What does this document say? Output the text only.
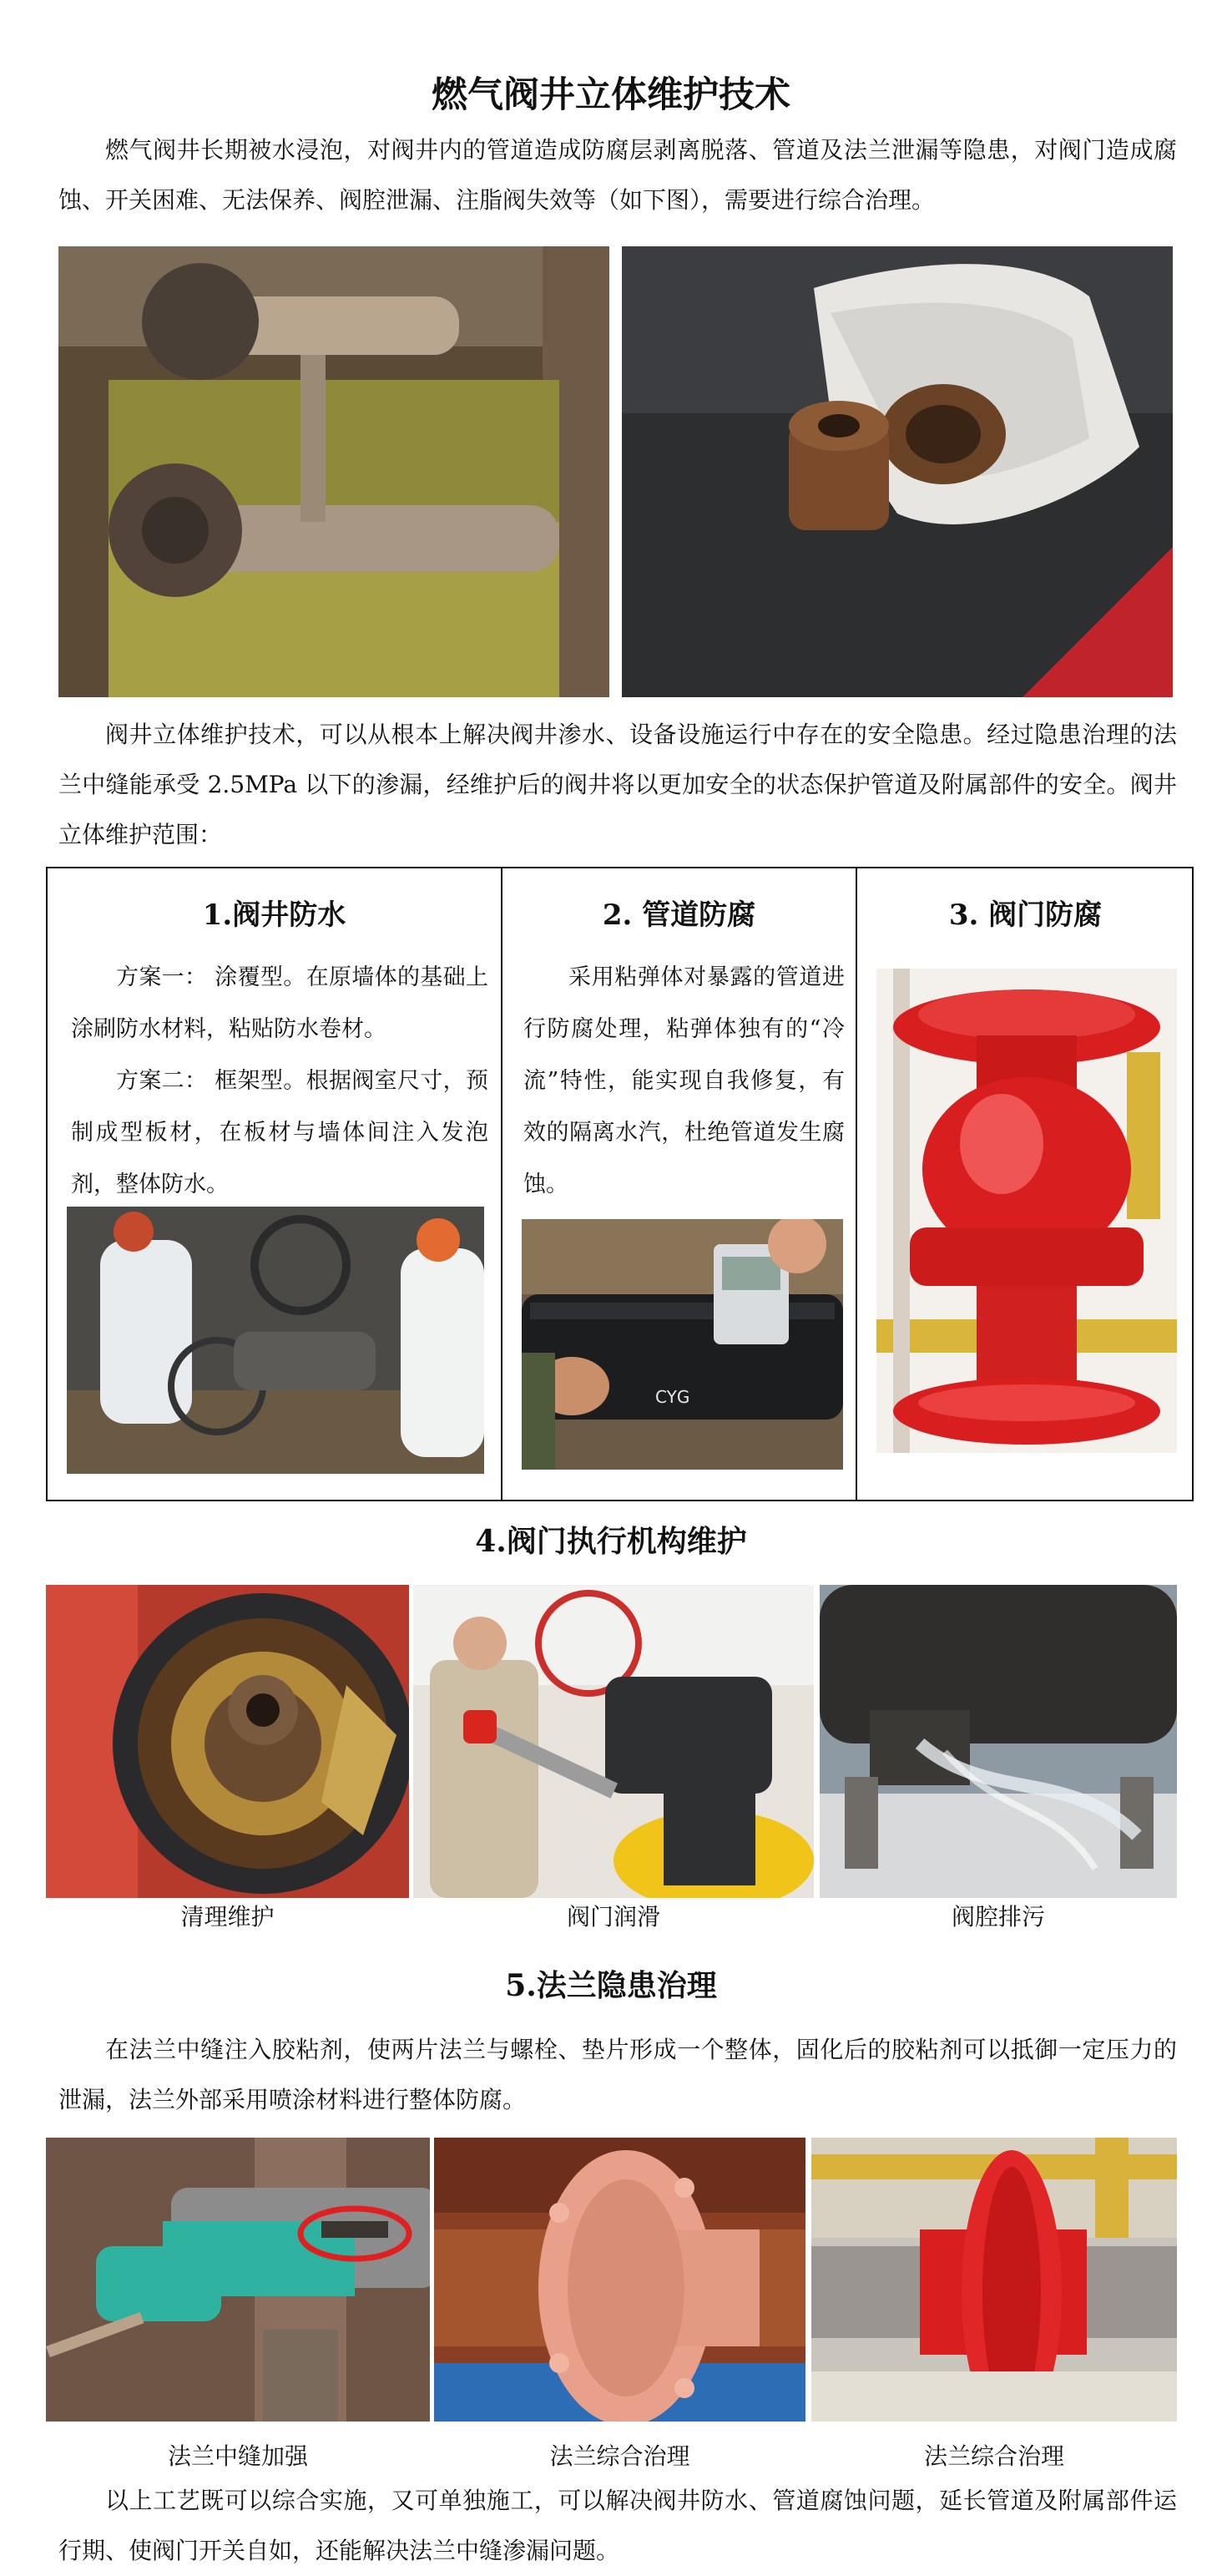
燃气阀井立体维护技术

燃气阀井长期被水浸泡，对阀井内的管道造成防腐层剥离脱落、管道及法兰泄漏等隐患，对阀门造成腐蚀、开关困难、无法保养、阀腔泄漏、注脂阀失效等（如下图），需要进行综合治理。

阀井立体维护技术，可以从根本上解决阀井渗水、设备设施运行中存在的安全隐患。经过隐患治理的法兰中缝能承受 2.5MPa 以下的渗漏，经维护后的阀井将以更加安全的状态保护管道及附属部件的安全。阀井立体维护范围：

1.阀井防水

方案一： 涂覆型。在原墙体的基础上涂刷防水材料，粘贴防水卷材。

方案二： 框架型。根据阀室尺寸，预制成型板材，在板材与墙体间注入发泡剂，整体防水。

2. 管道防腐

采用粘弹体对暴露的管道进行防腐处理，粘弹体独有的“冷流”特性，能实现自我修复，有效的隔离水汽，杜绝管道发生腐蚀。

CYG
3. 阀门防腐
4.阀门执行机构维护
清理维护	阀门润滑	阀腔排污
5.法兰隐患治理

在法兰中缝注入胶粘剂，使两片法兰与螺栓、垫片形成一个整体，固化后的胶粘剂可以抵御一定压力的泄漏，法兰外部采用喷涂材料进行整体防腐。

法兰中缝加强	法兰综合治理	法兰综合治理

以上工艺既可以综合实施，又可单独施工，可以解决阀井防水、管道腐蚀问题，延长管道及附属部件运行期、使阀门开关自如，还能解决法兰中缝渗漏问题。
